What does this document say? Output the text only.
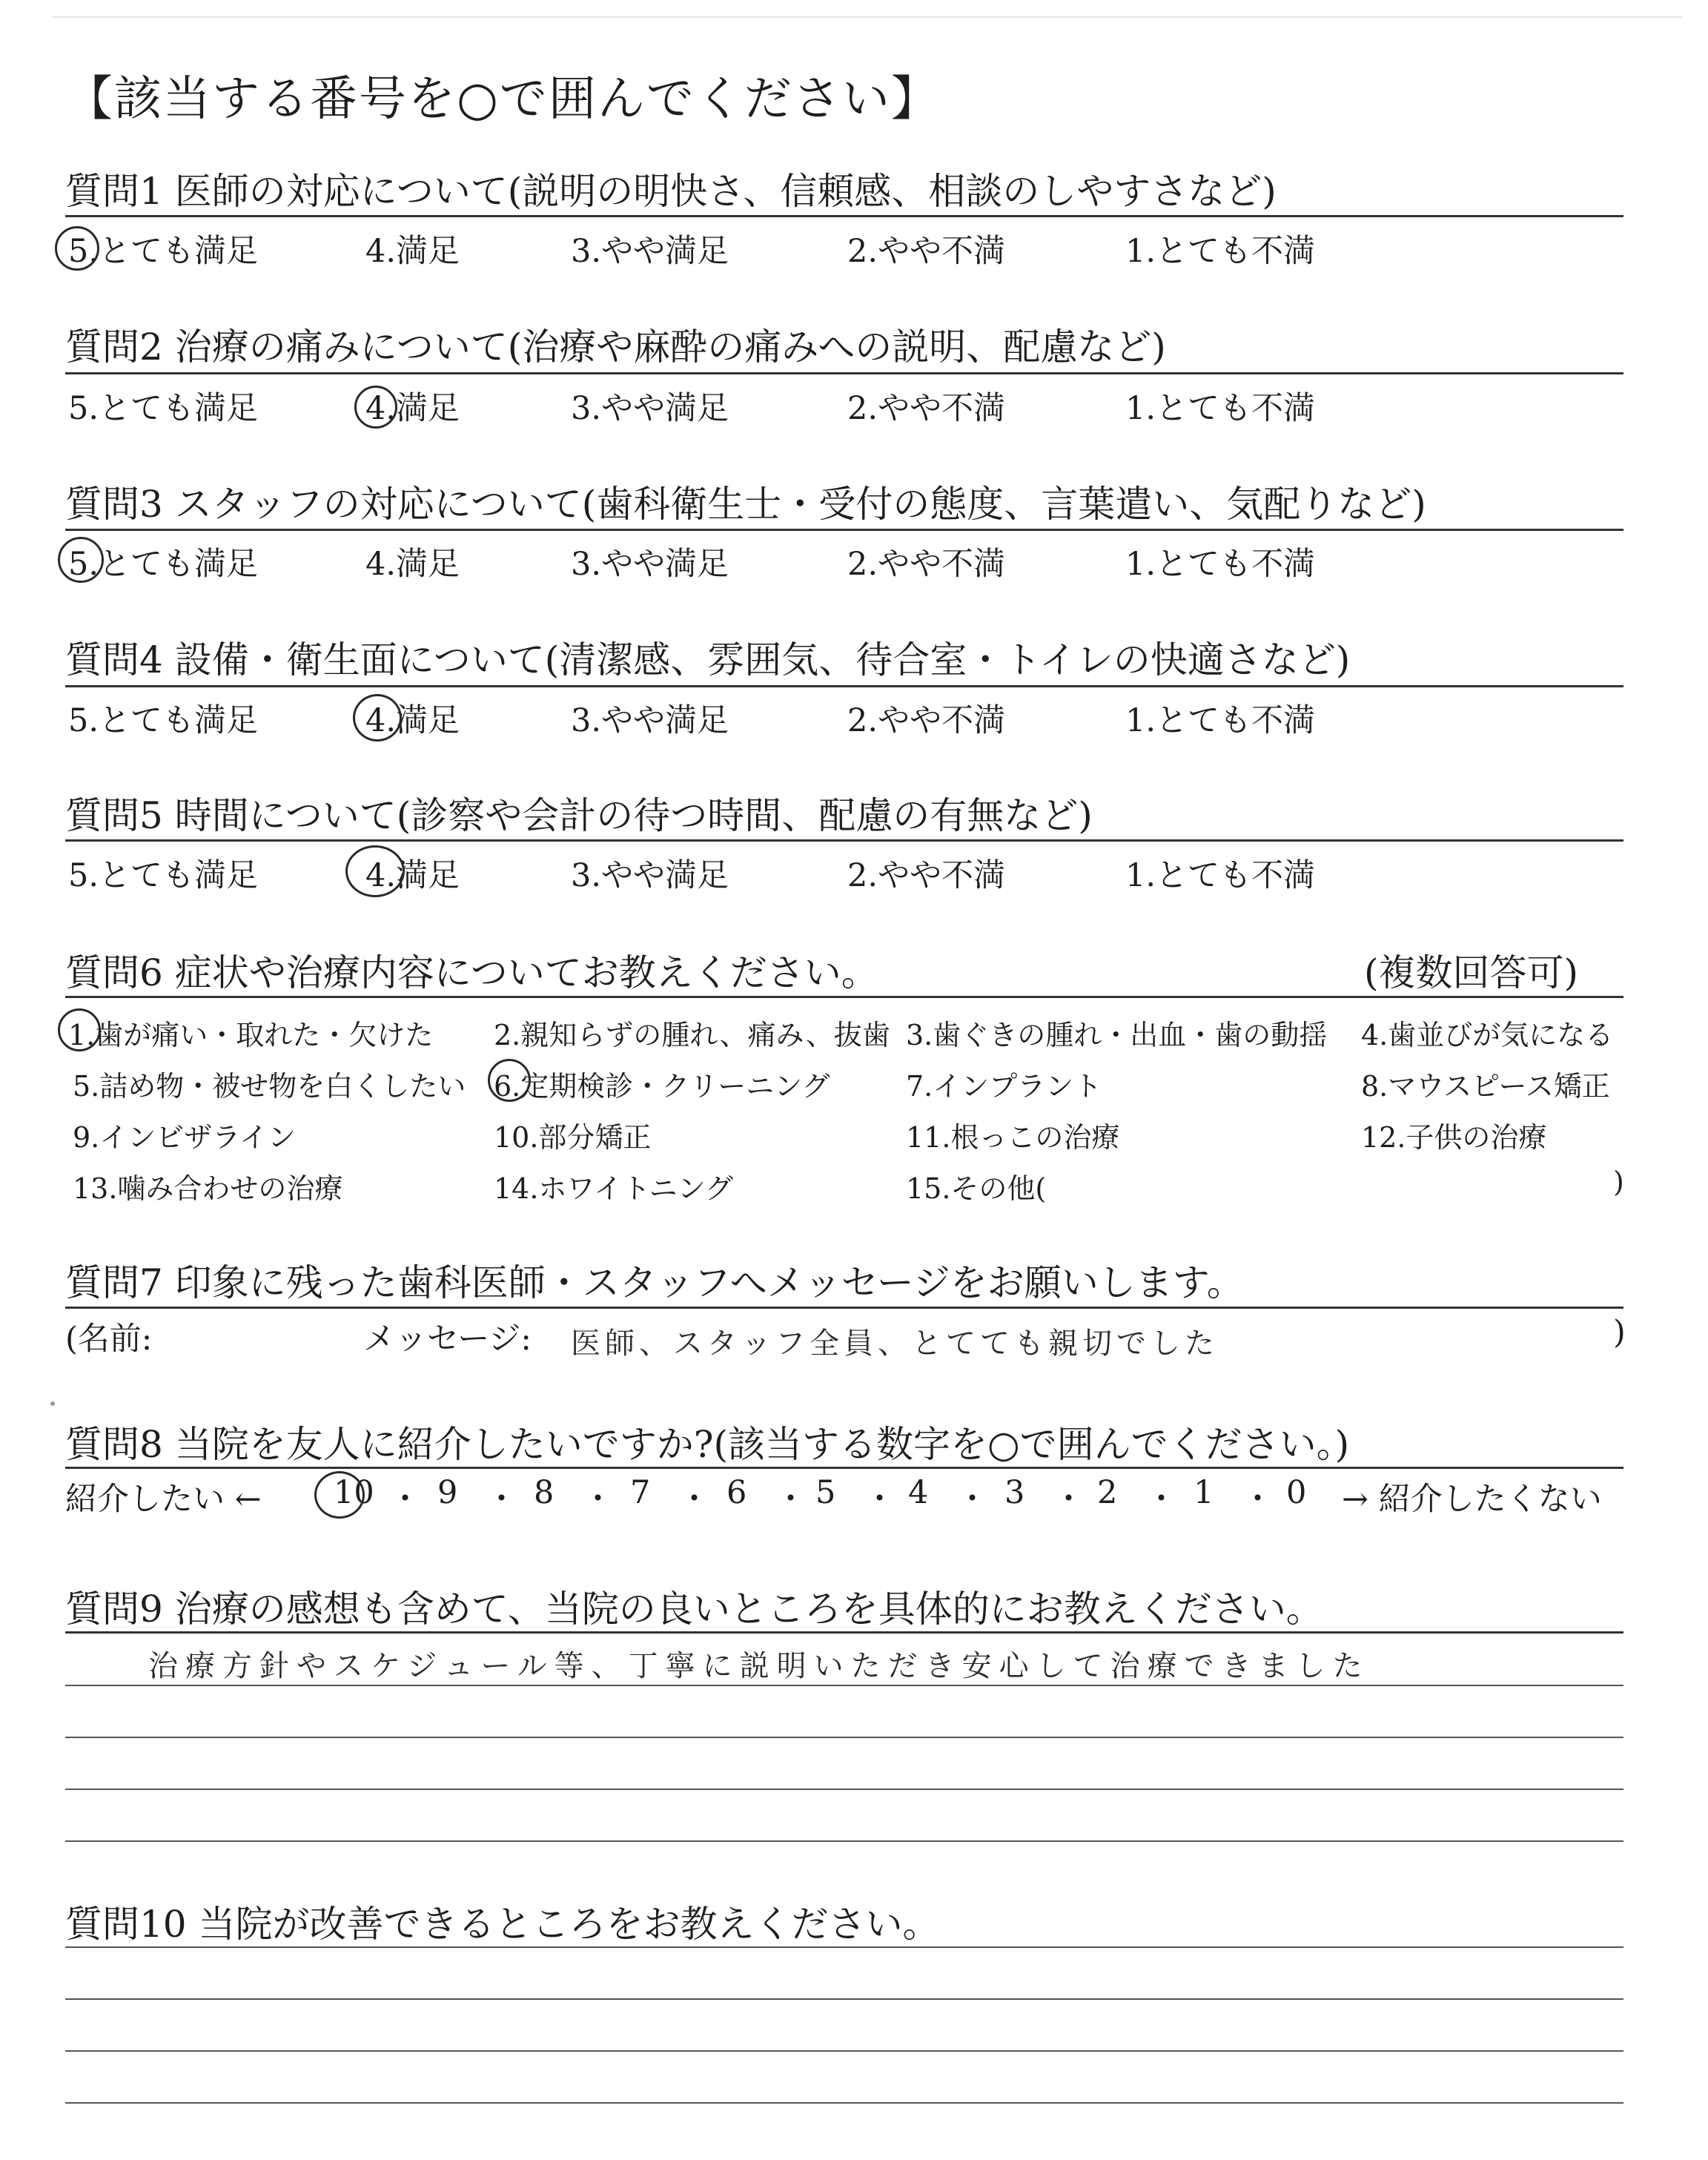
【該当する番号を○で囲んでください】
質問1 医師の対応について(説明の明快さ、信頼感、相談のしやすさなど)
5.とても満足	4.満足	3.やや満足	2.やや不満	1.とても不満
質問2 治療の痛みについて(治療や麻酔の痛みへの説明、配慮など)
5.とても満足	4.満足	3.やや満足	2.やや不満	1.とても不満
質問3 スタッフの対応について(歯科衛生士・受付の態度、言葉遣い、気配りなど)
5.とても満足	4.満足	3.やや満足	2.やや不満	1.とても不満
質問4 設備・衛生面について(清潔感、雰囲気、待合室・トイレの快適さなど)
5.とても満足	4.満足	3.やや満足	2.やや不満	1.とても不満
質問5 時間について(診察や会計の待つ時間、配慮の有無など)
5.とても満足	4.満足	3.やや満足	2.やや不満	1.とても不満
質問6 症状や治療内容についてお教えください。	(複数回答可)
1.歯が痛い・取れた・欠けた 2.親知らずの腫れ、痛み、抜歯 3.歯ぐきの腫れ・出血・歯の動揺 4.歯並びが気になる
5.詰め物・被せ物を白くしたい 6.定期検診・クリーニング	7.インプラント	8.マウスピース矯正
9.インビザライン	10.部分矯正	11.根っこの治療	12.子供の治療
13.噛み合わせの治療	14.ホワイトニング	15.その他(	)
質問7 印象に残った歯科医師・スタッフへメッセージをお願いします。
(名前:	メッセージ: 医師、スタッフ全員、とてても親切でした	)
質問8 当院を友人に紹介したいですか?(該当する数字を○で囲んでください。)
紹介したい ← 10 ・ 9 ・ 8 ・ 7 ・ 6 ・ 5 ・ 4 ・ 3 ・ 2 ・ 1 ・ 0 → 紹介したくない
質問9 治療の感想も含めて、当院の良いところを具体的にお教えください。
治療方針やスケジュール等、丁寧に説明いただき安心して治療できました
質問10 当院が改善できるところをお教えください。
